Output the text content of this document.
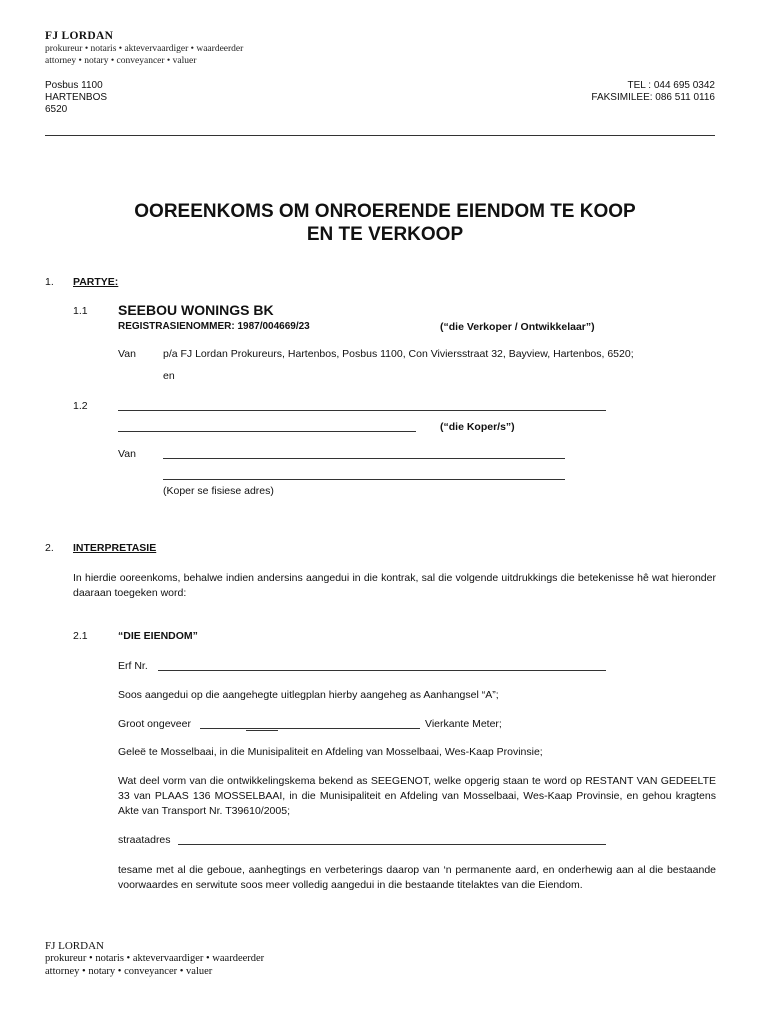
FJ LORDAN
prokureur • notaris • aktevervaardiger • waardeerder
attorney • notary • conveyancer • valuer
Posbus 1100
HARTENBOS
6520
TEL : 044 695 0342
FAKSIMILEE: 086 511 0116
OOREENKOMS OM ONROERENDE EIENDOM TE KOOP
EN TE VERKOOP
1. PARTYE:
1.1 SEEBOU WONINGS BK
REGISTRASIENOMMER: 1987/004669/23	(“die Verkoper / Ontwikkelaar”)
Van	p/a FJ Lordan Prokureurs, Hartenbos, Posbus 1100, Con Viviersstraat 32, Bayview, Hartenbos, 6520;
en
1.2
(“die Koper/s”)
Van
(Koper se fisiese adres)
2. INTERPRETASIE
In hierdie ooreenkoms, behalwe indien andersins aangedui in die kontrak, sal die volgende uitdrukkings die betekenisse hê wat hieronder daaraan toegeken word:
2.1	“DIE EIENDOM”
Erf Nr.
Soos aangedui op die aangehegte uitlegplan hierby aangeheg as Aanhangsel “A”;
Groot ongeveer	Vierkante Meter;
Geleë te Mosselbaai, in die Munisipaliteit en Afdeling van Mosselbaai, Wes-Kaap Provinsie;
Wat deel vorm van die ontwikkelingskema bekend as SEEGENOT, welke opgerig staan te word op RESTANT VAN GEDEELTE 33 van PLAAS 136 MOSSELBAAI, in die Munisipaliteit en Afdeling van Mosselbaai, Wes-Kaap Provinsie, en gehou kragtens Akte van Transport Nr. T39610/2005;
straatadres
tesame met al die geboue, aanhegtings en verbeterings daarop van ‘n permanente aard, en onderhewig aan al die bestaande voorwaardes en serwitute soos meer volledig aangedui in die bestaande titelaktes van die Eiendom.
FJ LORDAN
prokureur • notaris • aktevervaardiger • waardeerder
attorney • notary • conveyancer • valuer
